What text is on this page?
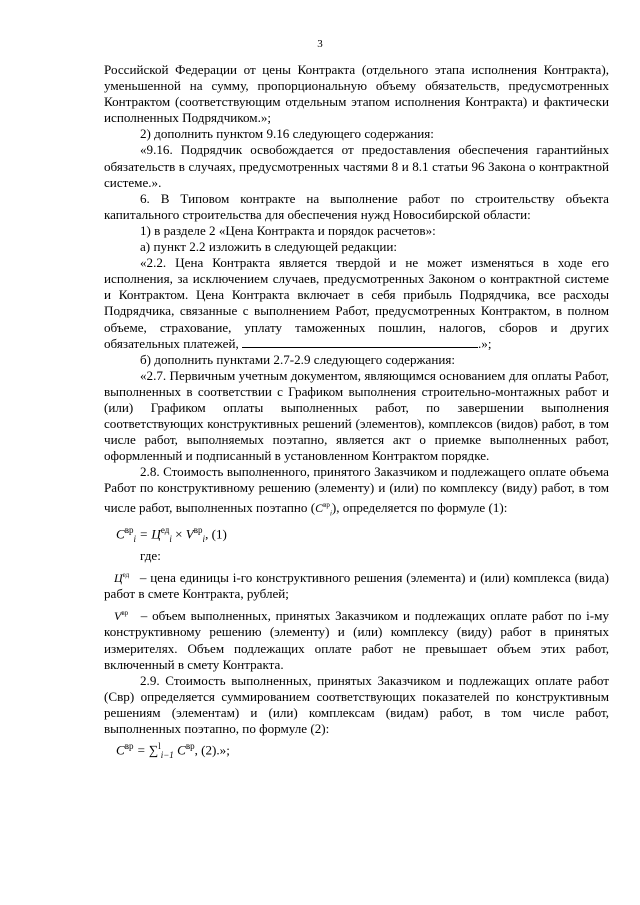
3

Российской Федерации от цены Контракта (отдельного этапа исполнения Контракта), уменьшенной на сумму, пропорциональную объему обязательств, предусмотренных Контрактом (соответствующим отдельным этапом исполнения Контракта) и фактически исполненных Подрядчиком.»;

2) дополнить пунктом 9.16 следующего содержания:

«9.16. Подрядчик освобождается от предоставления обеспечения гарантийных обязательств в случаях, предусмотренных частями 8 и 8.1 статьи 96 Закона о контрактной системе.».

6. В Типовом контракте на выполнение работ по строительству объекта капитального строительства для обеспечения нужд Новосибирской области:

1) в разделе 2 «Цена Контракта и порядок расчетов»:

а) пункт 2.2 изложить в следующей редакции:

«2.2. Цена Контракта является твердой и не может изменяться в ходе его исполнения, за исключением случаев, предусмотренных Законом о контрактной системе и Контрактом. Цена Контракта включает в себя прибыль Подрядчика, все расходы Подрядчика, связанные с выполнением Работ, предусмотренных Контрактом, в полном объеме, страхование, уплату таможенных пошлин, налогов, сборов и других обязательных платежей,	.»;

б) дополнить пунктами 2.7-2.9 следующего содержания:

«2.7. Первичным учетным документом, являющимся основанием для оплаты Работ, выполненных в соответствии с Графиком выполнения строительно-монтажных работ и (или) Графиком оплаты выполненных работ, по завершении выполнения соответствующих конструктивных решений (элементов), комплексов (видов) работ, в том числе работ, выполняемых поэтапно, является акт о приемке выполненных работ, оформленный и подписанный в установленном Контрактом порядке.

2.8. Стоимость выполненного, принятого Заказчиком и подлежащего оплате объема Работ по конструктивному решению (элементу) и (или) по комплексу (виду) работ, в том числе работ, выполненных поэтапно $(C^{вр}_i)$, определяется по формуле (1):

$C^{вр}_i = Ц^{ед}_i \times V^{вр}_i$, (1)

где:

$Ц^{ед}$ – цена единицы i-го конструктивного решения (элемента) и (или) комплекса (вида) работ в смете Контракта, рублей;

$V^{вр}$ – объем выполненных, принятых Заказчиком и подлежащих оплате работ по i-му конструктивному решению (элементу) и (или) комплексу (виду) работ в принятых измерителях. Объем подлежащих оплате работ не превышает объем этих работ, включенный в смету Контракта.

2.9. Стоимость выполненных, принятых Заказчиком и подлежащих оплате работ (Свр) определяется суммированием соответствующих показателей по конструктивным решениям (элементам) и (или) комплексам (видам) работ, в том числе работ, выполненных поэтапно, по формуле (2):

$C^{вр} = \sum^l_{i-1}$ $C^{вр}$, (2).»;
